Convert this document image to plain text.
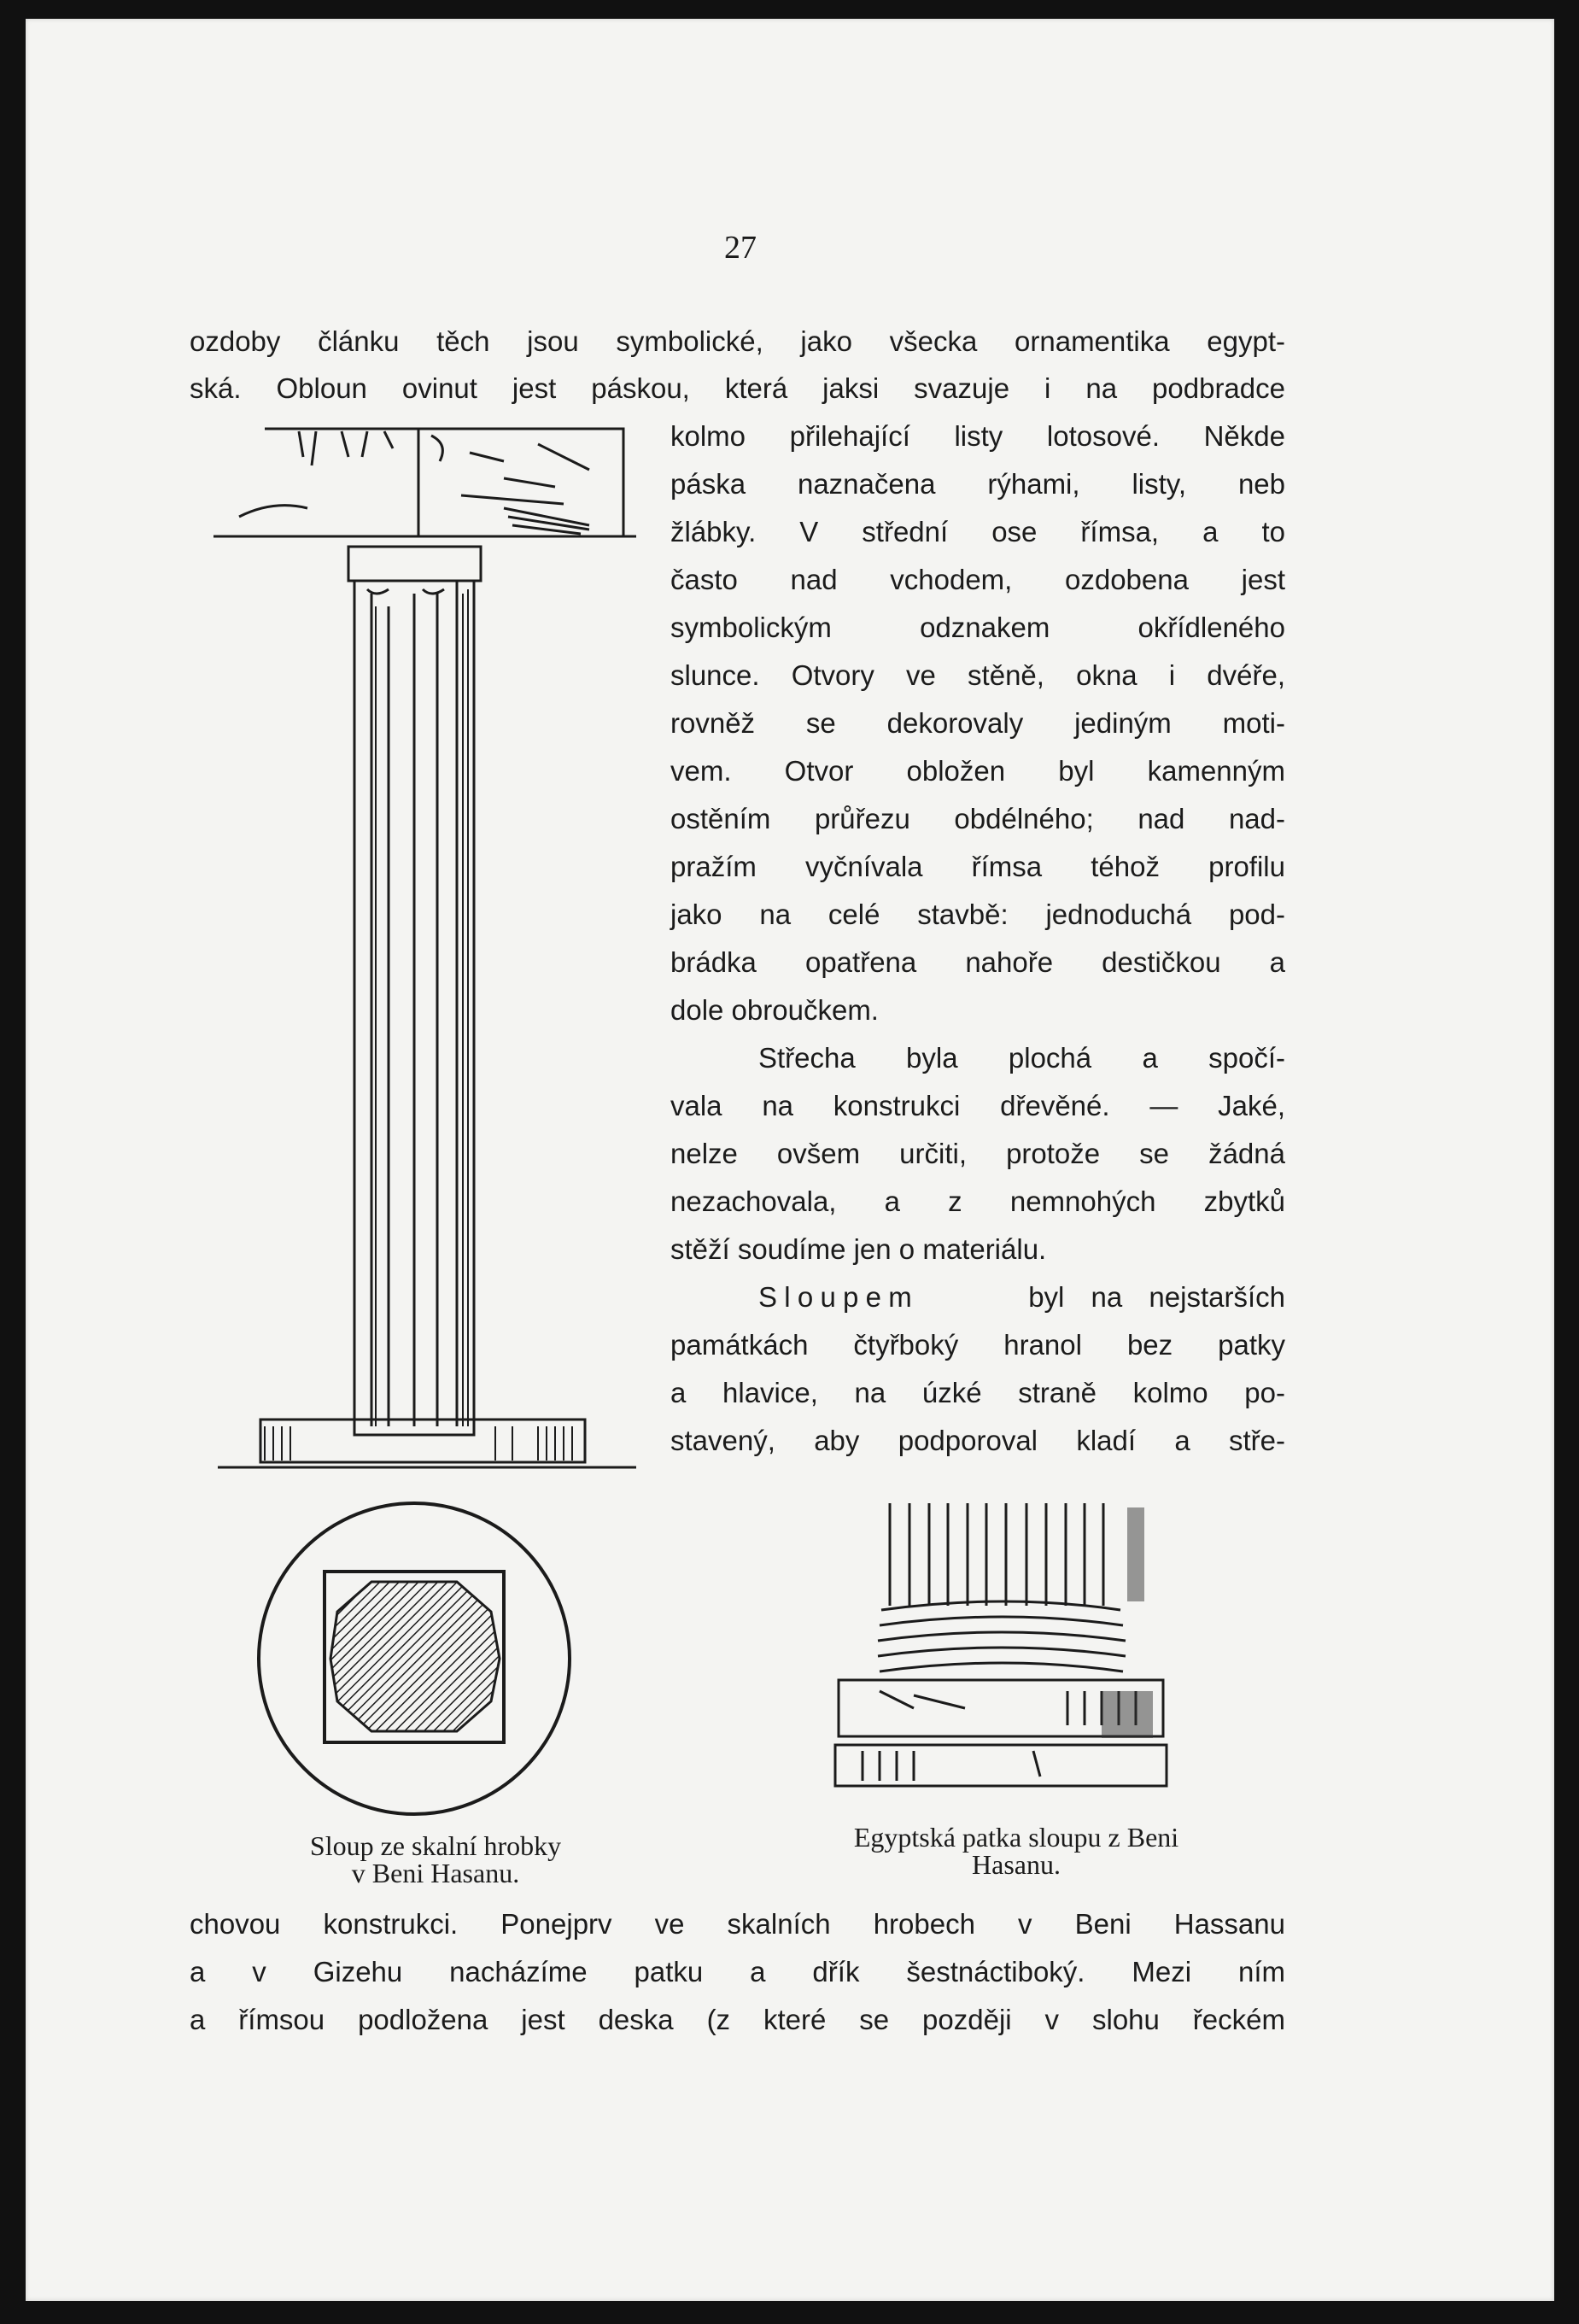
27
ozdoby článku těch jsou symbolické, jako všecka ornamentika egypt-
ská. Obloun ovinut jest páskou, která jaksi svazuje i na podbradce
kolmo přilehající listy lotosové. Někde
páska naznačena rýhami, listy, neb
žlábky. V střední ose římsa, a to
často nad vchodem, ozdobena jest
symbolickým odznakem okřídleného
slunce. Otvory ve stěně, okna i dvéře,
rovněž se dekorovaly jediným moti-
vem. Otvor obložen byl kamenným
ostěním průřezu obdélného; nad nad-
pražím vyčnívala římsa téhož profilu
jako na celé stavbě: jednoduchá pod-
brádka opatřena nahoře destičkou a
dole obroučkem.
Střecha byla plochá a spočí-
vala na konstrukci dřevěné. — Jaké,
nelze ovšem určiti, protože se žádná
nezachovala, a z nemnohých zbytků
stěží soudíme jen o materiálu.
Sloupem	byl na nejstarších
památkách čtyřboký hranol bez patky
a hlavice, na úzké straně kolmo po-
stavený, aby podporoval kladí a stře-
chovou konstrukci. Ponejprv ve skalních hrobech v Beni Hassanu
a v Gizehu nacházíme patku a dřík šestnáctiboký. Mezi ním
a římsou podložena jest deska (z které se později v slohu řeckém
Sloup ze skalní hrobky
v Beni Hasanu.
Egyptská patka sloupu z Beni
Hasanu.
